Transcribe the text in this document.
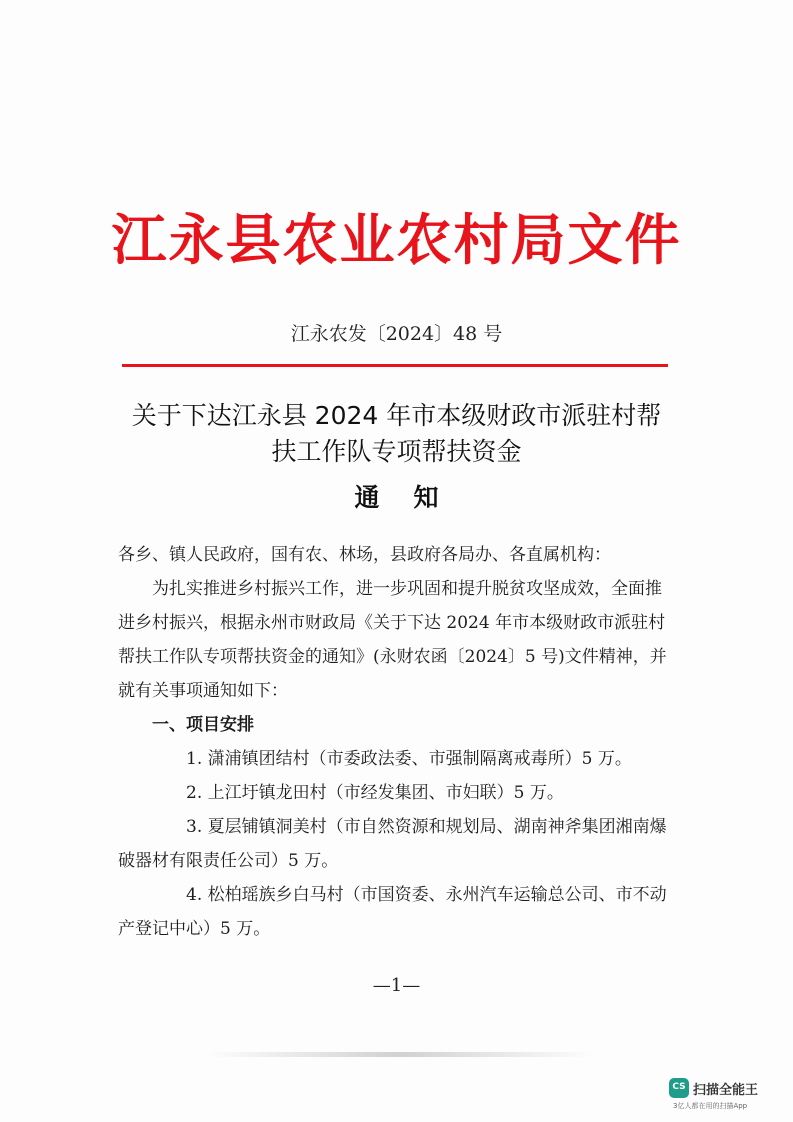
江永县农业农村局文件
江永农发〔2024〕48 号
关于下达江永县 2024 年市本级财政市派驻村帮
扶工作队专项帮扶资金
通知

各乡、镇人民政府，国有农、林场，县政府各局办、各直属机构：

为扎实推进乡村振兴工作，进一步巩固和提升脱贫攻坚成效，全面推进乡村振兴，根据永州市财政局《关于下达 2024 年市本级财政市派驻村帮扶工作队专项帮扶资金的通知》(永财农函〔2024〕5 号)文件精神，并就有关事项通知如下：

一、项目安排

1. 潇浦镇团结村（市委政法委、市强制隔离戒毒所）5 万。

2. 上江圩镇龙田村（市经发集团、市妇联）5 万。

3. 夏层铺镇洞美村（市自然资源和规划局、湖南神斧集团湘南爆破器材有限责任公司）5 万。

4. 松柏瑶族乡白马村（市国资委、永州汽车运输总公司、市不动产登记中心）5 万。

—1—
CS 扫描全能王
3亿人都在用的扫描App
